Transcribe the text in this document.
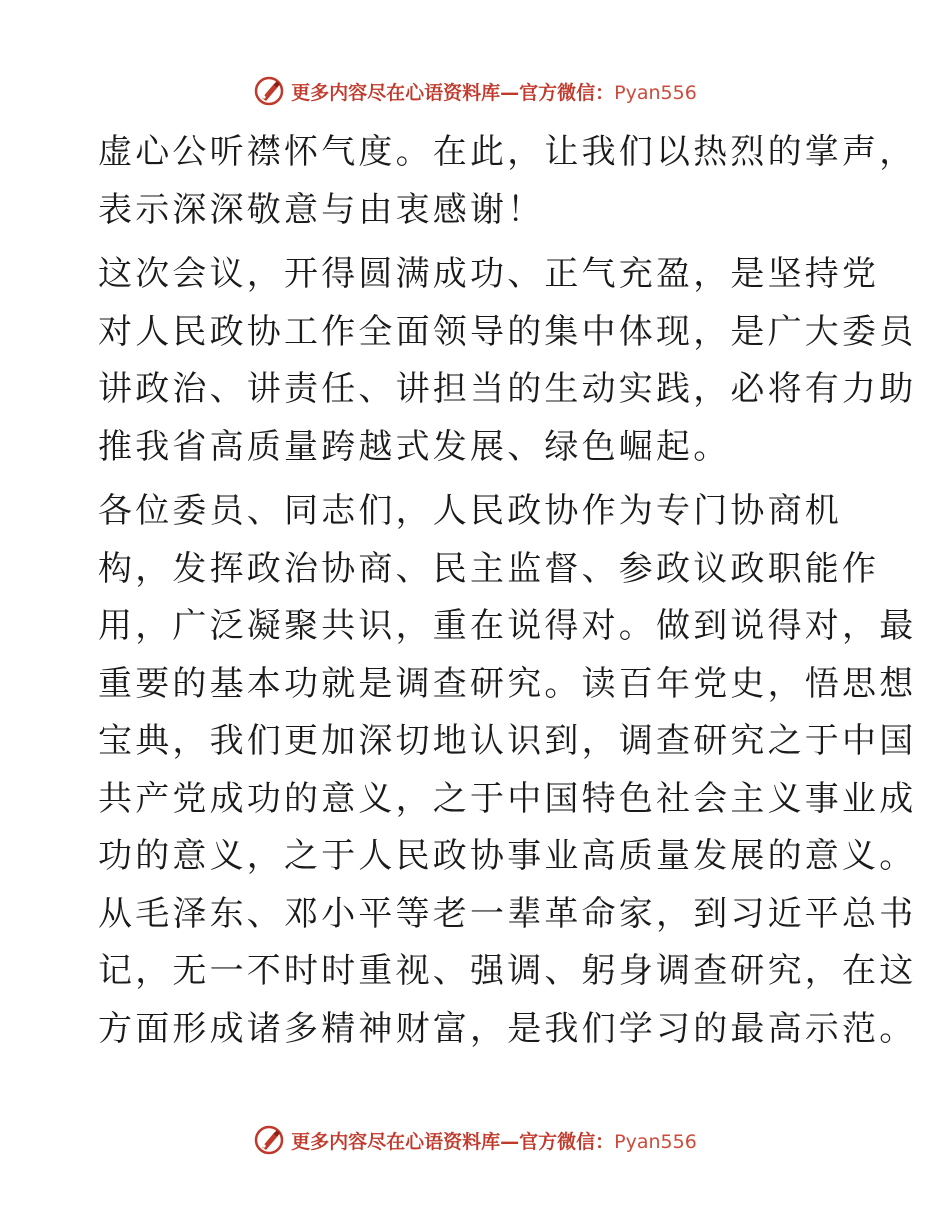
更多内容尽在心语资料库—官方微信：Pyan556
虚心公听襟怀气度。在此，让我们以热烈的掌声，
表示深深敬意与由衷感谢！
这次会议，开得圆满成功、正气充盈，是坚持党
对人民政协工作全面领导的集中体现，是广大委员
讲政治、讲责任、讲担当的生动实践，必将有力助
推我省高质量跨越式发展、绿色崛起。
各位委员、同志们，人民政协作为专门协商机
构，发挥政治协商、民主监督、参政议政职能作
用，广泛凝聚共识，重在说得对。做到说得对，最
重要的基本功就是调查研究。读百年党史，悟思想
宝典，我们更加深切地认识到，调查研究之于中国
共产党成功的意义，之于中国特色社会主义事业成
功的意义，之于人民政协事业高质量发展的意义。
从毛泽东、邓小平等老一辈革命家，到习近平总书
记，无一不时时重视、强调、躬身调查研究，在这
方面形成诸多精神财富，是我们学习的最高示范。
更多内容尽在心语资料库—官方微信：Pyan556
